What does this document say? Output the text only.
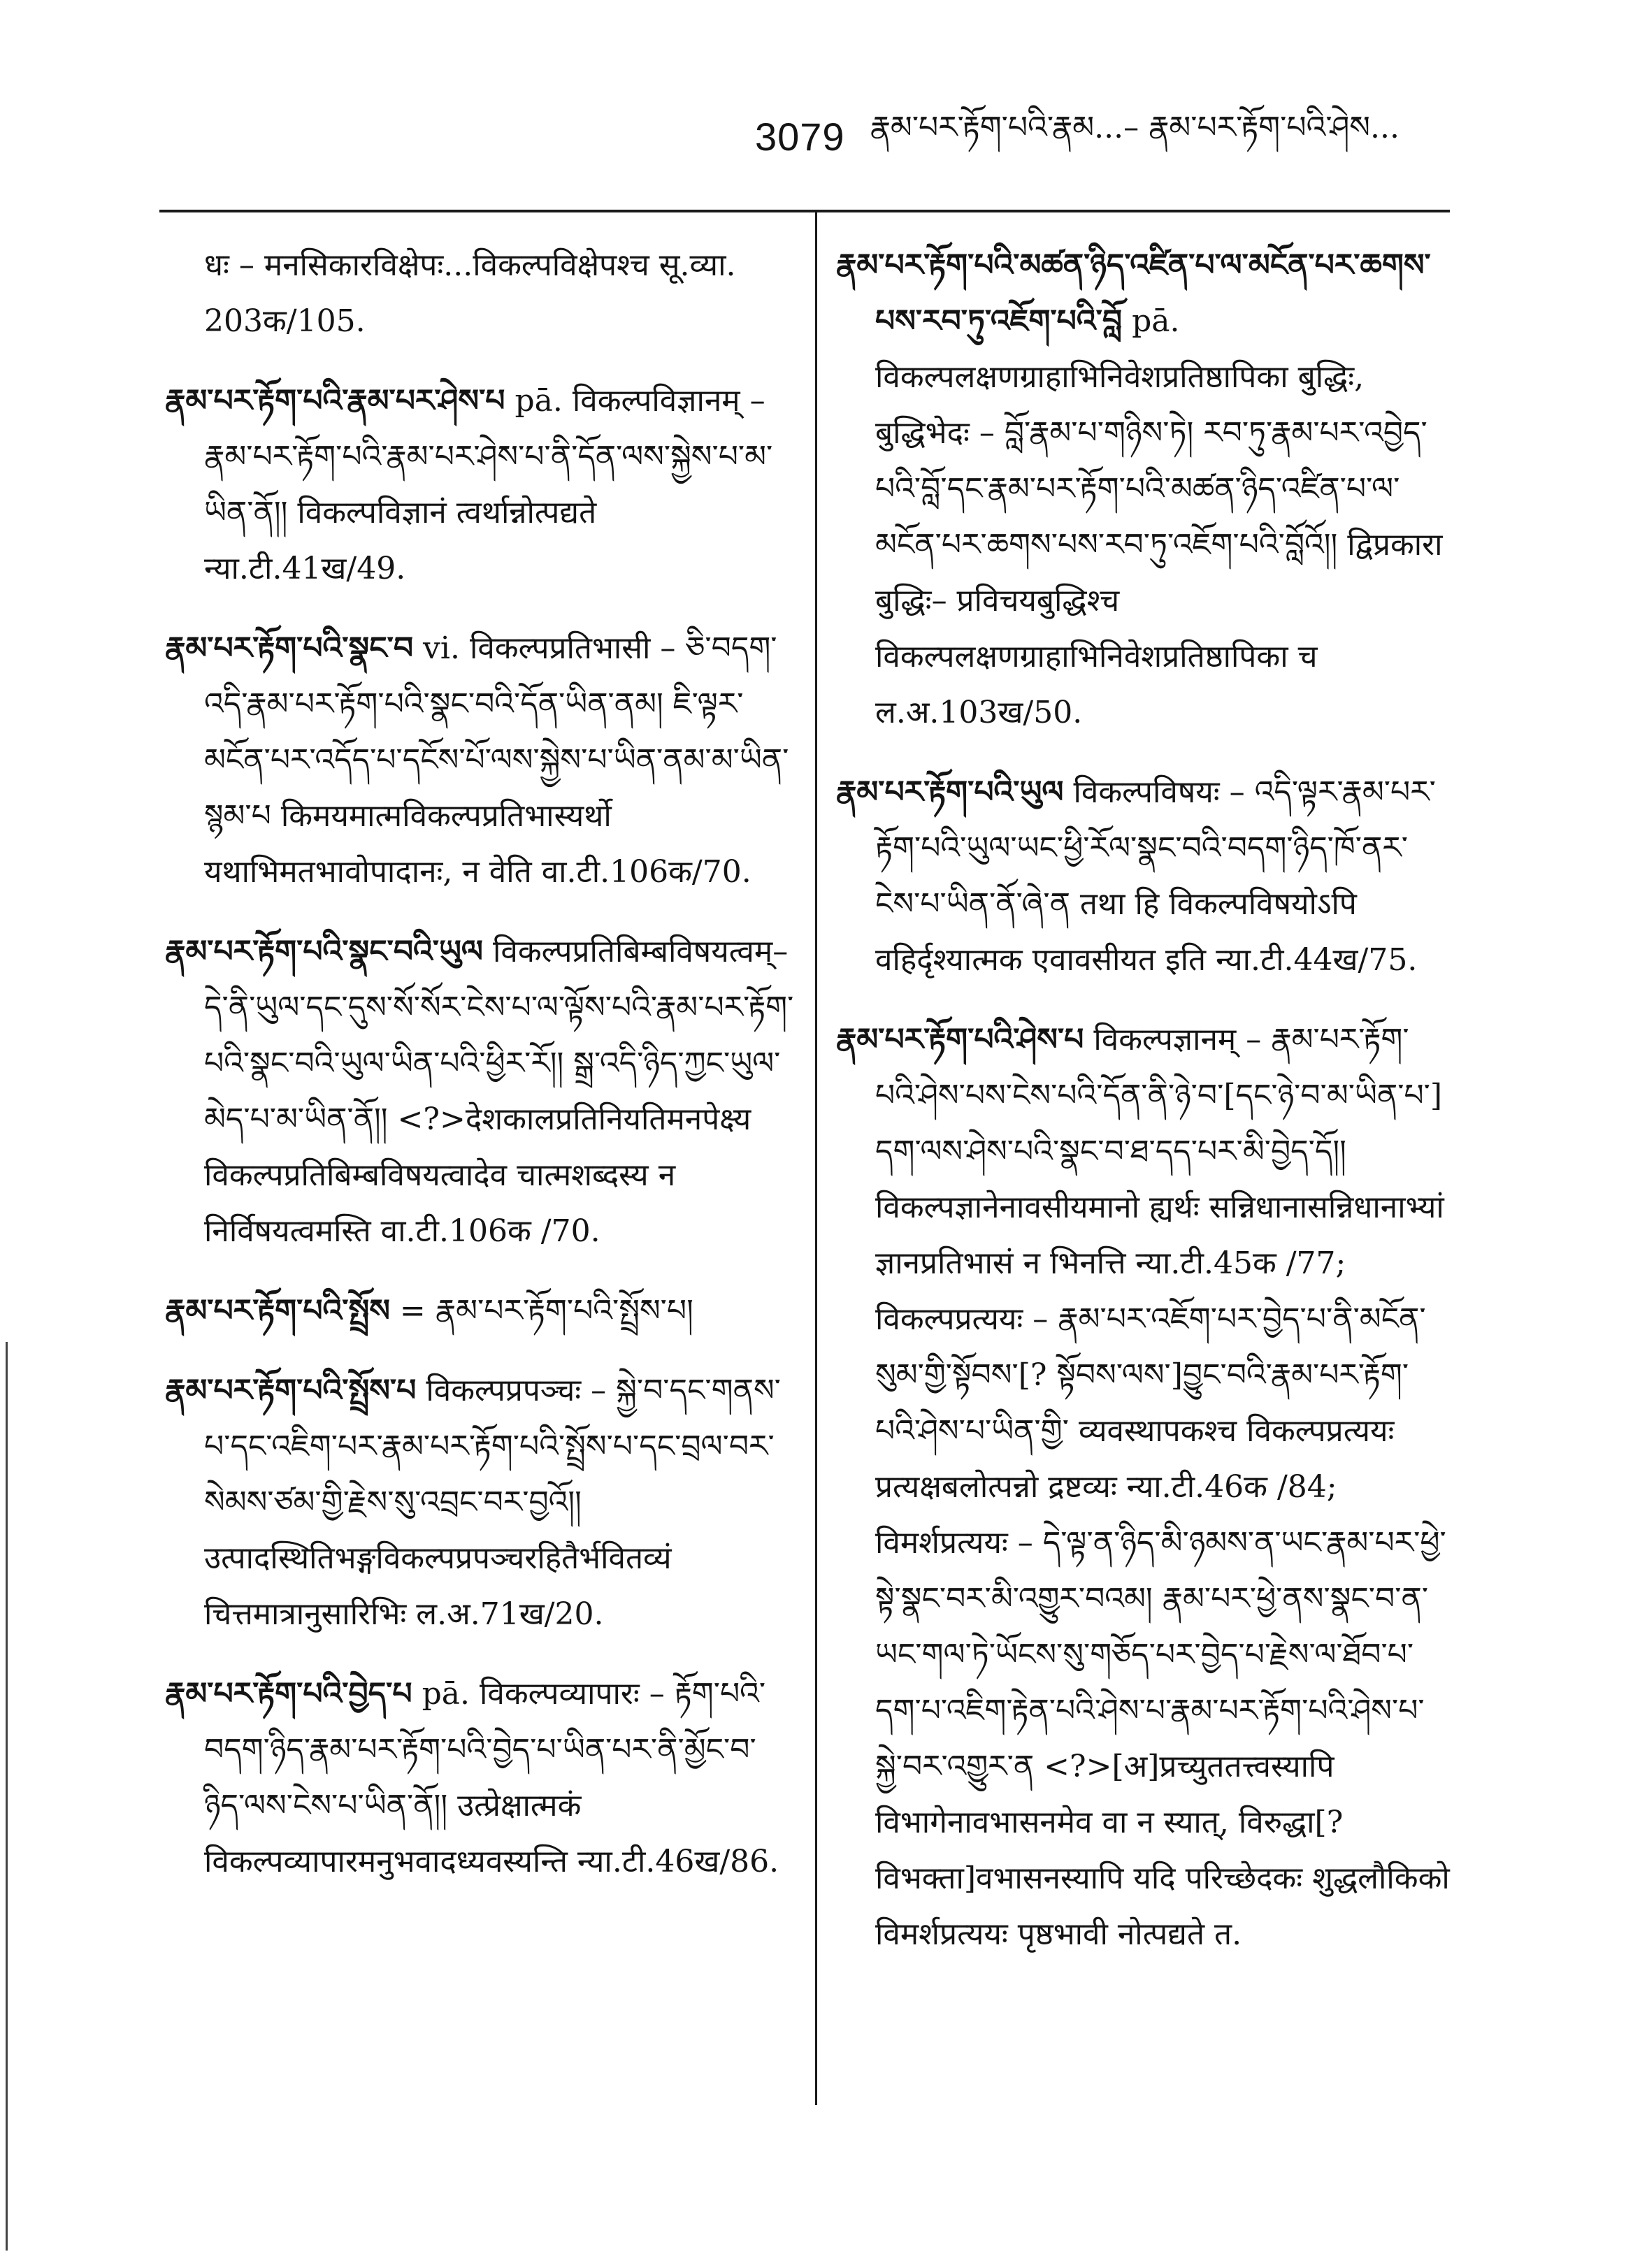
3079 རྣམ་པར་རྟོག་པའི་རྣམ...– རྣམ་པར་རྟོག་པའི་ཤེས...

धः – मनसिकारविक्षेपः...विकल्पविक्षेपश्च सू.व्या. 203क/105.

རྣམ་པར་རྟོག་པའི་རྣམ་པར་ཤེས་པ pā. विकल्पविज्ञानम् – རྣམ་པར་རྟོག་པའི་རྣམ་པར་ཤེས་པ་ནི་དོན་ལས་སྐྱེས་པ་མ་ཡིན་ནོ།། विकल्पविज्ञानं त्वर्थान्नोत्पद्यते न्या.टी.41ख/49.

རྣམ་པར་རྟོག་པའི་སྣང་བ vi. विकल्पप्रतिभासी – ཅི་བདག་འདི་རྣམ་པར་རྟོག་པའི་སྣང་བའི་དོན་ཡིན་ནམ། ཇི་ལྟར་མངོན་པར་འདོད་པ་དངོས་པོ་ལས་སྐྱེས་པ་ཡིན་ནམ་མ་ཡིན་སྙམ་པ किमयमात्मविकल्पप्रतिभास्यर्थो यथाभिमतभावोपादानः, न वेति वा.टी.106क/70.

རྣམ་པར་རྟོག་པའི་སྣང་བའི་ཡུལ विकल्पप्रतिबिम्बविषयत्वम्– དེ་ནི་ཡུལ་དང་དུས་སོ་སོར་ངེས་པ་ལ་ལྟོས་པའི་རྣམ་པར་རྟོག་པའི་སྣང་བའི་ཡུལ་ཡིན་པའི་ཕྱིར་རོ།། སྒྲ་འདི་ཉིད་ཀྱང་ཡུལ་མེད་པ་མ་ཡིན་ནོ།། <?>देशकालप्रतिनियतिमनपेक्ष्य विकल्पप्रतिबिम्बविषयत्वादेव चात्मशब्दस्य न निर्विषयत्वमस्ति वा.टी.106क /70.

རྣམ་པར་རྟོག་པའི་སྤྲོས = རྣམ་པར་རྟོག་པའི་སྤྲོས་པ།

རྣམ་པར་རྟོག་པའི་སྤྲོས་པ विकल्पप्रपञ्चः – སྐྱེ་བ་དང་གནས་པ་དང་འཇིག་པར་རྣམ་པར་རྟོག་པའི་སྤྲོས་པ་དང་བྲལ་བར་སེམས་ཙམ་གྱི་རྗེས་སུ་འབྲང་བར་བྱའོ།། उत्पादस्थितिभङ्गविकल्पप्रपञ्चरहितैर्भवितव्यं चित्तमात्रानुसारिभिः ल.अ.71ख/20.

རྣམ་པར་རྟོག་པའི་བྱེད་པ pā. विकल्पव्यापारः – རྟོག་པའི་བདག་ཉིད་རྣམ་པར་རྟོག་པའི་བྱེད་པ་ཡིན་པར་ནི་མྱོང་བ་ཉིད་ལས་ངེས་པ་ཡིན་ནོ།། उत्प्रेक्षात्मकं विकल्पव्यापारमनुभवादध्यवस्यन्ति न्या.टी.46ख/86.

རྣམ་པར་རྟོག་པའི་མཚན་ཉིད་འཛིན་པ་ལ་མངོན་པར་ཆགས་པས་རབ་ཏུ་འཇོག་པའི་བློ pā. विकल्पलक्षणग्राहाभिनिवेशप्रतिष्ठापिका बुद्धिः, बुद्धिभेदः – བློ་རྣམ་པ་གཉིས་ཏེ། རབ་ཏུ་རྣམ་པར་འབྱེད་པའི་བློ་དང་རྣམ་པར་རྟོག་པའི་མཚན་ཉིད་འཛིན་པ་ལ་མངོན་པར་ཆགས་པས་རབ་ཏུ་འཇོག་པའི་བློའོ།། द्विप्रकारा बुद्धिः– प्रविचयबुद्धिश्च विकल्पलक्षणग्राहाभिनिवेशप्रतिष्ठापिका च ल.अ.103ख/50.

རྣམ་པར་རྟོག་པའི་ཡུལ विकल्पविषयः – འདི་ལྟར་རྣམ་པར་རྟོག་པའི་ཡུལ་ཡང་ཕྱི་རོལ་སྣང་བའི་བདག་ཉིད་ཁོ་ནར་ངེས་པ་ཡིན་ནོ་ཞེ་ན तथा हि विकल्पविषयोऽपि वहिर्दृश्यात्मक एवावसीयत इति न्या.टी.44ख/75.

རྣམ་པར་རྟོག་པའི་ཤེས་པ विकल्पज्ञानम् – རྣམ་པར་རྟོག་པའི་ཤེས་པས་ངེས་པའི་དོན་ནི་ཉེ་བ་[དང་ཉེ་བ་མ་ཡིན་པ་] དག་ལས་ཤེས་པའི་སྣང་བ་ཐ་དད་པར་མི་བྱེད་དོ།། विकल्पज्ञानेनावसीयमानो ह्यर्थः सन्निधानासन्निधानाभ्यां ज्ञानप्रतिभासं न भिनत्ति न्या.टी.45क /77; विकल्पप्रत्ययः – རྣམ་པར་འཇོག་པར་བྱེད་པ་ནི་མངོན་སུམ་གྱི་སྟོབས་[? སྟོབས་ལས་]བྱུང་བའི་རྣམ་པར་རྟོག་པའི་ཤེས་པ་ཡིན་གྱི་ व्यवस्थापकश्च विकल्पप्रत्ययः प्रत्यक्षबलोत्पन्नो द्रष्टव्यः न्या.टी.46क /84; विमर्शप्रत्ययः – དེ་ལྟ་ན་ཉིད་མི་ཉམས་ན་ཡང་རྣམ་པར་ཕྱེ་སྟེ་སྣང་བར་མི་འགྱུར་བའམ། རྣམ་པར་ཕྱེ་ནས་སྣང་བ་ན་ཡང་གལ་ཏེ་ཡོངས་སུ་གཅོད་པར་བྱེད་པ་རྗེས་ལ་ཐོབ་པ་དག་པ་འཇིག་རྟེན་པའི་ཤེས་པ་རྣམ་པར་རྟོག་པའི་ཤེས་པ་སྐྱེ་བར་འགྱུར་ན <?>[अ]प्रच्युततत्त्वस्यापि विभागेनावभासनमेव वा न स्यात्, विरुद्धा[? विभक्ता]वभासनस्यापि यदि परिच्छेदकः शुद्धलौकिको विमर्शप्रत्ययः पृष्ठभावी नोत्पद्यते त.
